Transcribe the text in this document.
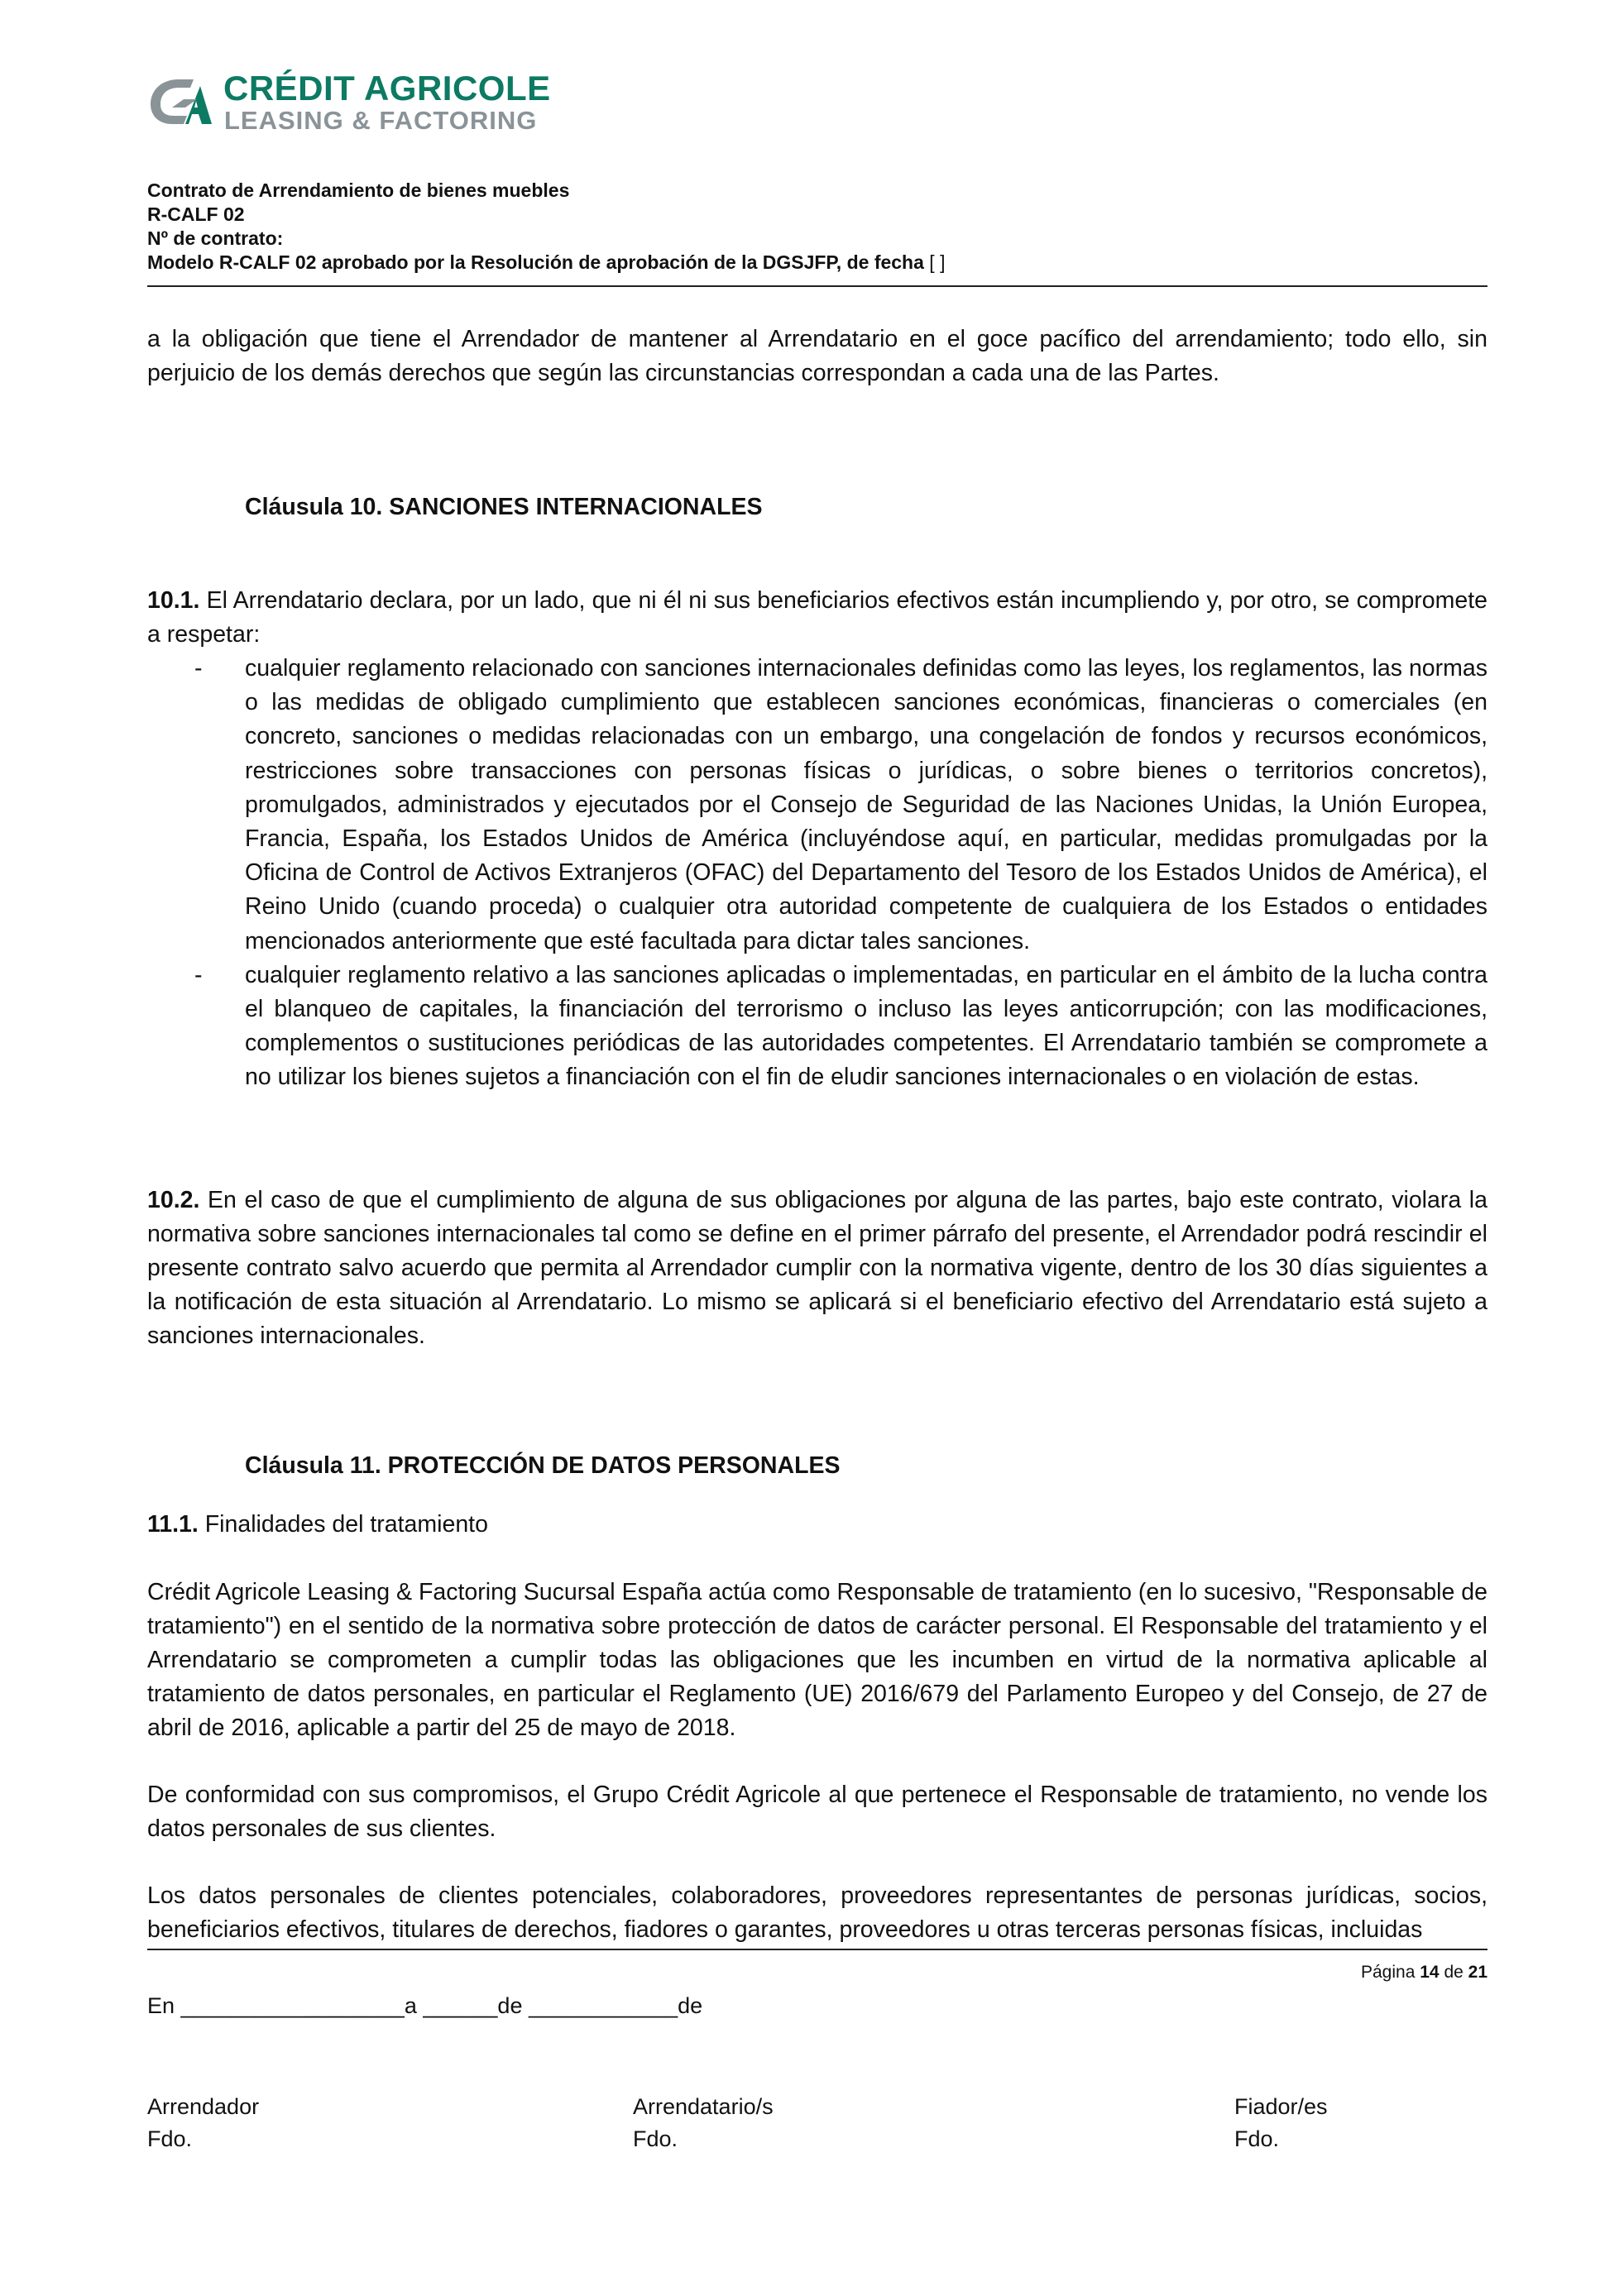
CRÉDIT AGRICOLE
LEASING & FACTORING
Contrato de Arrendamiento de bienes muebles
R-CALF 02
Nº de contrato:
Modelo R-CALF 02 aprobado por la Resolución de aprobación de la DGSJFP, de fecha [ ]
a la obligación que tiene el Arrendador de mantener al Arrendatario en el goce pacífico del arrendamiento; todo ello, sin perjuicio de los demás derechos que según las circunstancias correspondan a cada una de las Partes.
Cláusula 10. SANCIONES INTERNACIONALES
10.1. El Arrendatario declara, por un lado, que ni él ni sus beneficiarios efectivos están incumpliendo y, por otro, se compromete a respetar:
- cualquier reglamento relacionado con sanciones internacionales definidas como las leyes, los reglamentos, las normas o las medidas de obligado cumplimiento que establecen sanciones económicas, financieras o comerciales (en concreto, sanciones o medidas relacionadas con un embargo, una congelación de fondos y recursos económicos, restricciones sobre transacciones con personas físicas o jurídicas, o sobre bienes o territorios concretos), promulgados, administrados y ejecutados por el Consejo de Seguridad de las Naciones Unidas, la Unión Europea, Francia, España, los Estados Unidos de América (incluyéndose aquí, en particular, medidas promulgadas por la Oficina de Control de Activos Extranjeros (OFAC) del Departamento del Tesoro de los Estados Unidos de América), el Reino Unido (cuando proceda) o cualquier otra autoridad competente de cualquiera de los Estados o entidades mencionados anteriormente que esté facultada para dictar tales sanciones.
- cualquier reglamento relativo a las sanciones aplicadas o implementadas, en particular en el ámbito de la lucha contra el blanqueo de capitales, la financiación del terrorismo o incluso las leyes anticorrupción; con las modificaciones, complementos o sustituciones periódicas de las autoridades competentes. El Arrendatario también se compromete a no utilizar los bienes sujetos a financiación con el fin de eludir sanciones internacionales o en violación de estas.
10.2. En el caso de que el cumplimiento de alguna de sus obligaciones por alguna de las partes, bajo este contrato, violara la normativa sobre sanciones internacionales tal como se define en el primer párrafo del presente, el Arrendador podrá rescindir el presente contrato salvo acuerdo que permita al Arrendador cumplir con la normativa vigente, dentro de los 30 días siguientes a la notificación de esta situación al Arrendatario. Lo mismo se aplicará si el beneficiario efectivo del Arrendatario está sujeto a sanciones internacionales.
Cláusula 11. PROTECCIÓN DE DATOS PERSONALES
11.1. Finalidades del tratamiento
Crédit Agricole Leasing & Factoring Sucursal España actúa como Responsable de tratamiento (en lo sucesivo, "Responsable de tratamiento") en el sentido de la normativa sobre protección de datos de carácter personal. El Responsable del tratamiento y el Arrendatario se comprometen a cumplir todas las obligaciones que les incumben en virtud de la normativa aplicable al tratamiento de datos personales, en particular el Reglamento (UE) 2016/679 del Parlamento Europeo y del Consejo, de 27 de abril de 2016, aplicable a partir del 25 de mayo de 2018.
De conformidad con sus compromisos, el Grupo Crédit Agricole al que pertenece el Responsable de tratamiento, no vende los datos personales de sus clientes.
Los datos personales de clientes potenciales, colaboradores, proveedores representantes de personas jurídicas, socios, beneficiarios efectivos, titulares de derechos, fiadores o garantes, proveedores u otras terceras personas físicas, incluidas
Página 14 de 21
En __________________a ______de ____________de
Arrendador
Fdo.
Arrendatario/s
Fdo.
Fiador/es
Fdo.
